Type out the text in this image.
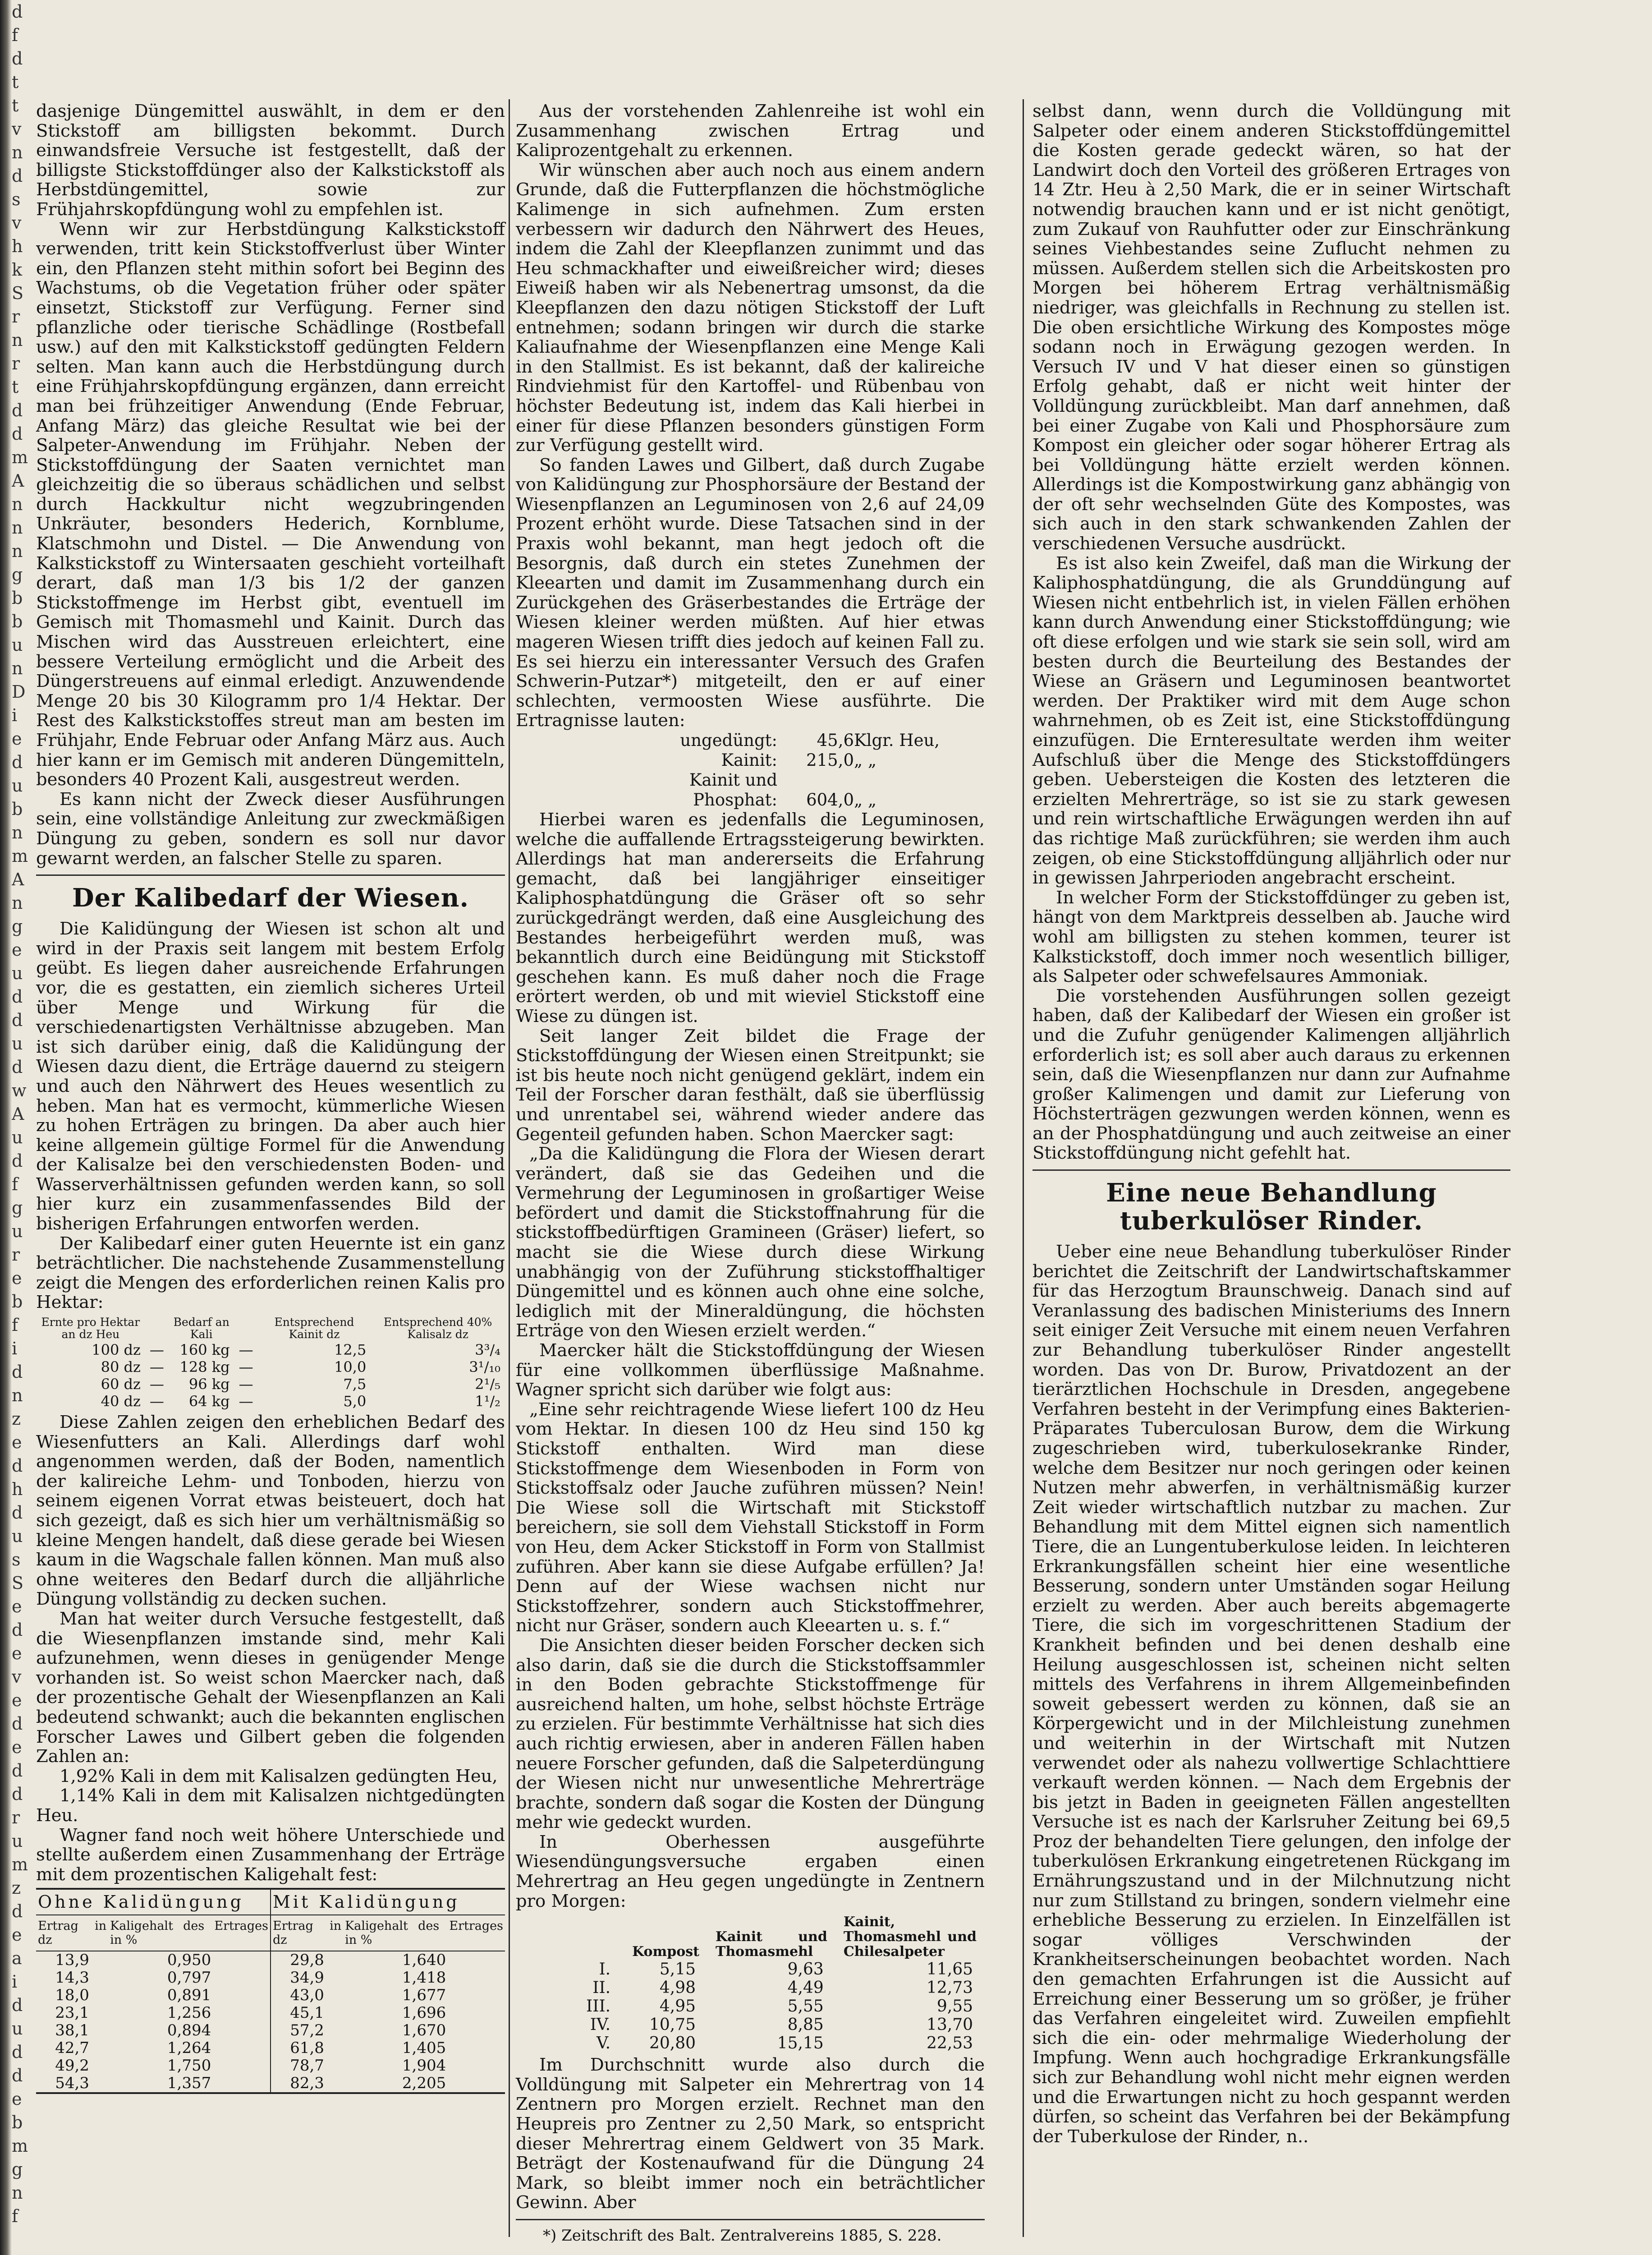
d
f
d
t
t
v
n
d
s
v
h
k
S
r
n
r
t
d
d
m
A
n
n
n
g
b
b
u
n
D
i
e
d
u
b
n
m
A
n
g
e
u
d
d
u
d
w
A
u
d
f
g
u
r
e
b
f
i
d
n
z
e
d
h
d
u
s
S
e
d
e
v
e
d
e
d
d
r
u
m
z
d
e
a
i
d
u
d
d
e
b
m
g
n
f

dasjenige Düngemittel auswählt, in dem er den Stickstoff am billigsten bekommt. Durch einwandsfreie Versuche ist festgestellt, daß der billigste Stickstoffdünger also der Kalkstickstoff als Herbstdüngemittel, sowie zur Frühjahrskopfdüngung wohl zu empfehlen ist.

Wenn wir zur Herbstdüngung Kalkstickstoff verwenden, tritt kein Stickstoffverlust über Winter ein, den Pflanzen steht mithin sofort bei Beginn des Wachstums, ob die Vegetation früher oder später einsetzt, Stickstoff zur Verfügung. Ferner sind pflanzliche oder tierische Schädlinge (Rostbefall usw.) auf den mit Kalkstickstoff gedüngten Feldern selten. Man kann auch die Herbstdüngung durch eine Frühjahrskopfdüngung ergänzen, dann erreicht man bei frühzeitiger Anwendung (Ende Februar, Anfang März) das gleiche Resultat wie bei der Salpeter-Anwendung im Frühjahr. Neben der Stickstoffdüngung der Saaten vernichtet man gleichzeitig die so überaus schädlichen und selbst durch Hackkultur nicht wegzubringenden Unkräuter, besonders Hederich, Kornblume, Klatschmohn und Distel. — Die Anwendung von Kalkstickstoff zu Wintersaaten geschieht vorteilhaft derart, daß man 1/3 bis 1/2 der ganzen Stickstoffmenge im Herbst gibt, eventuell im Gemisch mit Thomasmehl und Kainit. Durch das Mischen wird das Ausstreuen erleichtert, eine bessere Verteilung ermöglicht und die Arbeit des Düngerstreuens auf einmal erledigt. Anzuwendende Menge 20 bis 30 Kilogramm pro 1/4 Hektar. Der Rest des Kalkstickstoffes streut man am besten im Frühjahr, Ende Februar oder Anfang März aus. Auch hier kann er im Gemisch mit anderen Düngemitteln, besonders 40 Prozent Kali, ausgestreut werden.

Es kann nicht der Zweck dieser Ausführungen sein, eine vollständige Anleitung zur zweckmäßigen Düngung zu geben, sondern es soll nur davor gewarnt werden, an falscher Stelle zu sparen.

Der Kalibedarf der Wiesen.

Die Kalidüngung der Wiesen ist schon alt und wird in der Praxis seit langem mit bestem Erfolg geübt. Es liegen daher ausreichende Erfahrungen vor, die es gestatten, ein ziemlich sicheres Urteil über Menge und Wirkung für die verschiedenartigsten Verhältnisse abzugeben. Man ist sich darüber einig, daß die Kalidüngung der Wiesen dazu dient, die Erträge dauernd zu steigern und auch den Nährwert des Heues wesentlich zu heben. Man hat es vermocht, kümmerliche Wiesen zu hohen Erträgen zu bringen. Da aber auch hier keine allgemein gültige Formel für die Anwendung der Kalisalze bei den verschiedensten Boden- und Wasserverhältnissen gefunden werden kann, so soll hier kurz ein zusammenfassendes Bild der bisherigen Erfahrungen entworfen werden.

Der Kalibedarf einer guten Heuernte ist ein ganz beträchtlicher. Die nachstehende Zusammenstellung zeigt die Mengen des erforderlichen reinen Kalis pro Hektar:

Ernte pro Hektar an dz Heu		Bedarf an Kali		Entsprechend Kainit dz	Entsprechend 40% Kalisalz dz
100 dz	—	160 kg	—	12,5	3³/₄
80 dz	—	128 kg	—	10,0	3¹/₁₀
60 dz	—	96 kg	—	7,5	2¹/₅
40 dz	—	64 kg	—	5,0	1¹/₂

Diese Zahlen zeigen den erheblichen Bedarf des Wiesenfutters an Kali. Allerdings darf wohl angenommen werden, daß der Boden, namentlich der kalireiche Lehm- und Tonboden, hierzu von seinem eigenen Vorrat etwas beisteuert, doch hat sich gezeigt, daß es sich hier um verhältnismäßig so kleine Mengen handelt, daß diese gerade bei Wiesen kaum in die Wagschale fallen können. Man muß also ohne weiteres den Bedarf durch die alljährliche Düngung vollständig zu decken suchen.

Man hat weiter durch Versuche festgestellt, daß die Wiesenpflanzen imstande sind, mehr Kali aufzunehmen, wenn dieses in genügender Menge vorhanden ist. So weist schon Maercker nach, daß der prozentische Gehalt der Wiesenpflanzen an Kali bedeutend schwankt; auch die bekannten englischen Forscher Lawes und Gilbert geben die folgenden Zahlen an:

1,92% Kali in dem mit Kalisalzen gedüngten Heu,

1,14% Kali in dem mit Kalisalzen nichtgedüngten Heu.

Wagner fand noch weit höhere Unterschiede und stellte außerdem einen Zusammenhang der Erträge mit dem prozentischen Kaligehalt fest:

Ohne Kalidüngung		Mit Kalidüngung	
Ertrag in dz	Kaligehalt des Ertrages in %	Ertrag in dz	Kaligehalt des Ertrages in %
13,9	0,950	29,8	1,640
14,3	0,797	34,9	1,418
18,0	0,891	43,0	1,677
23,1	1,256	45,1	1,696
38,1	0,894	57,2	1,670
42,7	1,264	61,8	1,405
49,2	1,750	78,7	1,904
54,3	1,357	82,3	2,205

Aus der vorstehenden Zahlenreihe ist wohl ein Zusammenhang zwischen Ertrag und Kaliprozentgehalt zu erkennen.

Wir wünschen aber auch noch aus einem andern Grunde, daß die Futterpflanzen die höchstmögliche Kalimenge in sich aufnehmen. Zum ersten verbessern wir dadurch den Nährwert des Heues, indem die Zahl der Kleepflanzen zunimmt und das Heu schmackhafter und eiweißreicher wird; dieses Eiweiß haben wir als Nebenertrag umsonst, da die Kleepflanzen den dazu nötigen Stickstoff der Luft entnehmen; sodann bringen wir durch die starke Kaliaufnahme der Wiesenpflanzen eine Menge Kali in den Stallmist. Es ist bekannt, daß der kalireiche Rindviehmist für den Kartoffel- und Rübenbau von höchster Bedeutung ist, indem das Kali hierbei in einer für diese Pflanzen besonders günstigen Form zur Verfügung gestellt wird.

So fanden Lawes und Gilbert, daß durch Zugabe von Kalidüngung zur Phosphorsäure der Bestand der Wiesenpflanzen an Leguminosen von 2,6 auf 24,09 Prozent erhöht wurde. Diese Tatsachen sind in der Praxis wohl bekannt, man hegt jedoch oft die Besorgnis, daß durch ein stetes Zunehmen der Kleearten und damit im Zusammenhang durch ein Zurückgehen des Gräserbestandes die Erträge der Wiesen kleiner werden müßten. Auf hier etwas mageren Wiesen trifft dies jedoch auf keinen Fall zu. Es sei hierzu ein interessanter Versuch des Grafen Schwerin-Putzar*) mitgeteilt, den er auf einer schlechten, vermoosten Wiese ausführte. Die Ertragnisse lauten:

ungedüngt: 45,6Klgr. Heu,
Kainit: 215,0„ „
Kainit und Phosphat: 604,0„ „

Hierbei waren es jedenfalls die Leguminosen, welche die auffallende Ertragssteigerung bewirkten. Allerdings hat man andererseits die Erfahrung gemacht, daß bei langjähriger einseitiger Kaliphosphatdüngung die Gräser oft so sehr zurückgedrängt werden, daß eine Ausgleichung des Bestandes herbeigeführt werden muß, was bekanntlich durch eine Beidüngung mit Stickstoff geschehen kann. Es muß daher noch die Frage erörtert werden, ob und mit wieviel Stickstoff eine Wiese zu düngen ist.

Seit langer Zeit bildet die Frage der Stickstoffdüngung der Wiesen einen Streitpunkt; sie ist bis heute noch nicht genügend geklärt, indem ein Teil der Forscher daran festhält, daß sie überflüssig und unrentabel sei, während wieder andere das Gegenteil gefunden haben. Schon Maercker sagt:

„Da die Kalidüngung die Flora der Wiesen derart verändert, daß sie das Gedeihen und die Vermehrung der Leguminosen in großartiger Weise befördert und damit die Stickstoffnahrung für die stickstoffbedürftigen Gramineen (Gräser) liefert, so macht sie die Wiese durch diese Wirkung unabhängig von der Zuführung stickstoffhaltiger Düngemittel und es können auch ohne eine solche, lediglich mit der Mineraldüngung, die höchsten Erträge von den Wiesen erzielt werden.“

Maercker hält die Stickstoffdüngung der Wiesen für eine vollkommen überflüssige Maßnahme. Wagner spricht sich darüber wie folgt aus:

„Eine sehr reichtragende Wiese liefert 100 dz Heu vom Hektar. In diesen 100 dz Heu sind 150 kg Stickstoff enthalten. Wird man diese Stickstoffmenge dem Wiesenboden in Form von Stickstoffsalz oder Jauche zuführen müssen? Nein! Die Wiese soll die Wirtschaft mit Stickstoff bereichern, sie soll dem Viehstall Stickstoff in Form von Heu, dem Acker Stickstoff in Form von Stallmist zuführen. Aber kann sie diese Aufgabe erfüllen? Ja! Denn auf der Wiese wachsen nicht nur Stickstoffzehrer, sondern auch Stickstoffmehrer, nicht nur Gräser, sondern auch Kleearten u. s. f.“

Die Ansichten dieser beiden Forscher decken sich also darin, daß sie die durch die Stickstoffsammler in den Boden gebrachte Stickstoffmenge für ausreichend halten, um hohe, selbst höchste Erträge zu erzielen. Für bestimmte Verhältnisse hat sich dies auch richtig erwiesen, aber in anderen Fällen haben neuere Forscher gefunden, daß die Salpeterdüngung der Wiesen nicht nur unwesentliche Mehrerträge brachte, sondern daß sogar die Kosten der Düngung mehr wie gedeckt wurden.

In Oberhessen ausgeführte Wiesendüngungsversuche ergaben einen Mehrertrag an Heu gegen ungedüngte in Zentnern pro Morgen:

	Kompost	Kainit und Thomasmehl	Kainit, Thomasmehl und Chilesalpeter
I.	5,15	9,63	11,65
II.	4,98	4,49	12,73
III.	4,95	5,55	9,55
IV.	10,75	8,85	13,70
V.	20,80	15,15	22,53

Im Durchschnitt wurde also durch die Volldüngung mit Salpeter ein Mehrertrag von 14 Zentnern pro Morgen erzielt. Rechnet man den Heupreis pro Zentner zu 2,50 Mark, so entspricht dieser Mehrertrag einem Geldwert von 35 Mark. Beträgt der Kostenaufwand für die Düngung 24 Mark, so bleibt immer noch ein beträchtlicher Gewinn. Aber

*) Zeitschrift des Balt. Zentralvereins 1885, S. 228.

selbst dann, wenn durch die Volldüngung mit Salpeter oder einem anderen Stickstoffdüngemittel die Kosten gerade gedeckt wären, so hat der Landwirt doch den Vorteil des größeren Ertrages von 14 Ztr. Heu à 2,50 Mark, die er in seiner Wirtschaft notwendig brauchen kann und er ist nicht genötigt, zum Zukauf von Rauhfutter oder zur Einschränkung seines Viehbestandes seine Zuflucht nehmen zu müssen. Außerdem stellen sich die Arbeitskosten pro Morgen bei höherem Ertrag verhältnismäßig niedriger, was gleichfalls in Rechnung zu stellen ist. Die oben ersichtliche Wirkung des Kompostes möge sodann noch in Erwägung gezogen werden. In Versuch IV und V hat dieser einen so günstigen Erfolg gehabt, daß er nicht weit hinter der Volldüngung zurückbleibt. Man darf annehmen, daß bei einer Zugabe von Kali und Phosphorsäure zum Kompost ein gleicher oder sogar höherer Ertrag als bei Volldüngung hätte erzielt werden können. Allerdings ist die Kompostwirkung ganz abhängig von der oft sehr wechselnden Güte des Kompostes, was sich auch in den stark schwankenden Zahlen der verschiedenen Versuche ausdrückt.

Es ist also kein Zweifel, daß man die Wirkung der Kaliphosphatdüngung, die als Grunddüngung auf Wiesen nicht entbehrlich ist, in vielen Fällen erhöhen kann durch Anwendung einer Stickstoffdüngung; wie oft diese erfolgen und wie stark sie sein soll, wird am besten durch die Beurteilung des Bestandes der Wiese an Gräsern und Leguminosen beantwortet werden. Der Praktiker wird mit dem Auge schon wahrnehmen, ob es Zeit ist, eine Stickstoffdüngung einzufügen. Die Ernteresultate werden ihm weiter Aufschluß über die Menge des Stickstoffdüngers geben. Uebersteigen die Kosten des letzteren die erzielten Mehrerträge, so ist sie zu stark gewesen und rein wirtschaftliche Erwägungen werden ihn auf das richtige Maß zurückführen; sie werden ihm auch zeigen, ob eine Stickstoffdüngung alljährlich oder nur in gewissen Jahrperioden angebracht erscheint.

In welcher Form der Stickstoffdünger zu geben ist, hängt von dem Marktpreis desselben ab. Jauche wird wohl am billigsten zu stehen kommen, teurer ist Kalkstickstoff, doch immer noch wesentlich billiger, als Salpeter oder schwefelsaures Ammoniak.

Die vorstehenden Ausführungen sollen gezeigt haben, daß der Kalibedarf der Wiesen ein großer ist und die Zufuhr genügender Kalimengen alljährlich erforderlich ist; es soll aber auch daraus zu erkennen sein, daß die Wiesenpflanzen nur dann zur Aufnahme großer Kalimengen und damit zur Lieferung von Höchsterträgen gezwungen werden können, wenn es an der Phosphatdüngung und auch zeitweise an einer Stickstoffdüngung nicht gefehlt hat.

Eine neue Behandlung tuberkulöser Rinder.

Ueber eine neue Behandlung tuberkulöser Rinder berichtet die Zeitschrift der Landwirtschaftskammer für das Herzogtum Braunschweig. Danach sind auf Veranlassung des badischen Ministeriums des Innern seit einiger Zeit Versuche mit einem neuen Verfahren zur Behandlung tuberkulöser Rinder angestellt worden. Das von Dr. Burow, Privatdozent an der tierärztlichen Hochschule in Dresden, angegebene Verfahren besteht in der Verimpfung eines Bakterien-Präparates Tuberculosan Burow, dem die Wirkung zugeschrieben wird, tuberkulosekranke Rinder, welche dem Besitzer nur noch geringen oder keinen Nutzen mehr abwerfen, in verhältnismäßig kurzer Zeit wieder wirtschaftlich nutzbar zu machen. Zur Behandlung mit dem Mittel eignen sich namentlich Tiere, die an Lungentuberkulose leiden. In leichteren Erkrankungsfällen scheint hier eine wesentliche Besserung, sondern unter Umständen sogar Heilung erzielt zu werden. Aber auch bereits abgemagerte Tiere, die sich im vorgeschrittenen Stadium der Krankheit befinden und bei denen deshalb eine Heilung ausgeschlossen ist, scheinen nicht selten mittels des Verfahrens in ihrem Allgemeinbefinden soweit gebessert werden zu können, daß sie an Körpergewicht und in der Milchleistung zunehmen und weiterhin in der Wirtschaft mit Nutzen verwendet oder als nahezu vollwertige Schlachttiere verkauft werden können. — Nach dem Ergebnis der bis jetzt in Baden in geeigneten Fällen angestellten Versuche ist es nach der Karlsruher Zeitung bei 69,5 Proz der behandelten Tiere gelungen, den infolge der tuberkulösen Erkrankung eingetretenen Rückgang im Ernährungszustand und in der Milchnutzung nicht nur zum Stillstand zu bringen, sondern vielmehr eine erhebliche Besserung zu erzielen. In Einzelfällen ist sogar völliges Verschwinden der Krankheitserscheinungen beobachtet worden. Nach den gemachten Erfahrungen ist die Aussicht auf Erreichung einer Besserung um so größer, je früher das Verfahren eingeleitet wird. Zuweilen empfiehlt sich die ein- oder mehrmalige Wiederholung der Impfung. Wenn auch hochgradige Erkrankungsfälle sich zur Behandlung wohl nicht mehr eignen werden und die Erwartungen nicht zu hoch gespannt werden dürfen, so scheint das Verfahren bei der Bekämpfung der Tuberkulose der Rinder, n..
